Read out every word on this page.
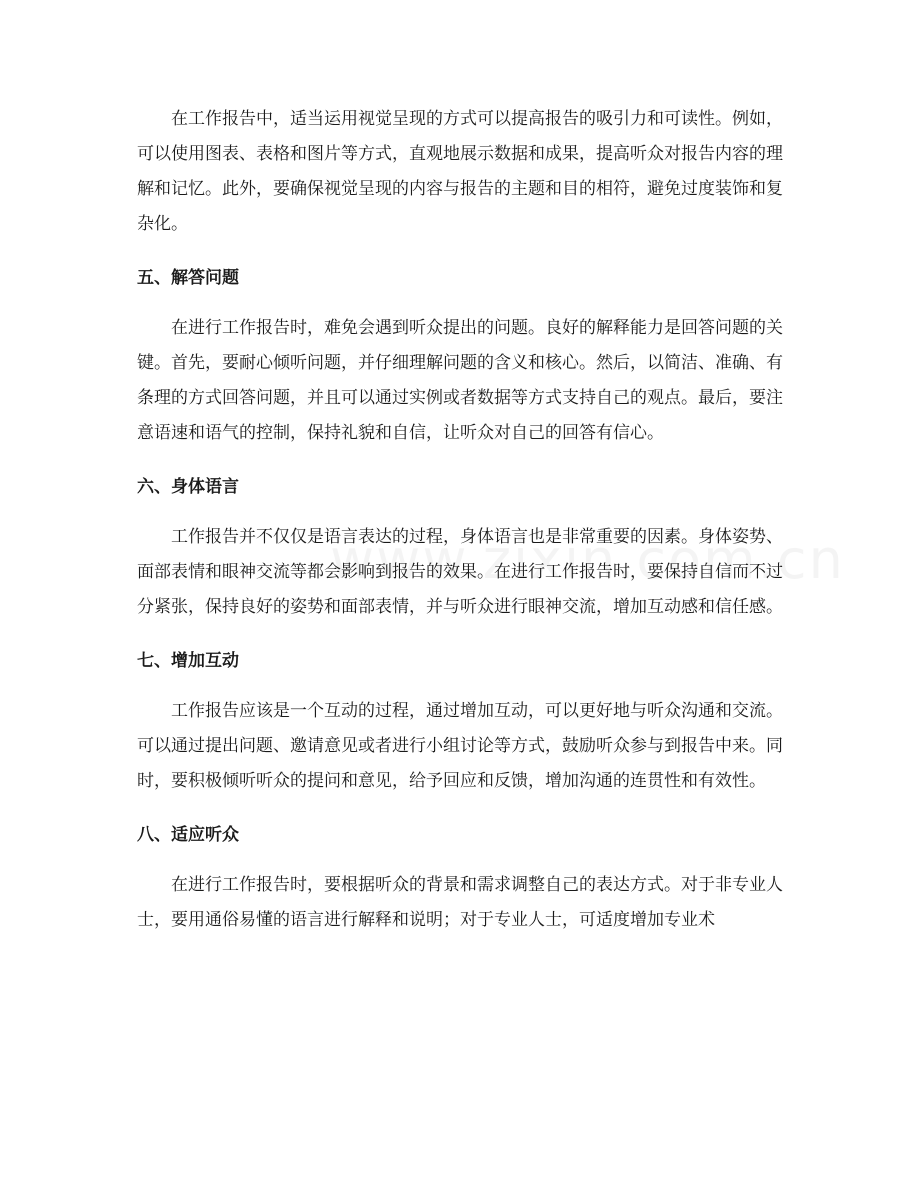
在工作报告中，适当运用视觉呈现的方式可以提高报告的吸引力和可读性。例如，可以使用图表、表格和图片等方式，直观地展示数据和成果，提高听众对报告内容的理解和记忆。此外，要确保视觉呈现的内容与报告的主题和目的相符，避免过度装饰和复杂化。

五、解答问题

在进行工作报告时，难免会遇到听众提出的问题。良好的解释能力是回答问题的关键。首先，要耐心倾听问题，并仔细理解问题的含义和核心。然后，以简洁、准确、有条理的方式回答问题，并且可以通过实例或者数据等方式支持自己的观点。最后，要注意语速和语气的控制，保持礼貌和自信，让听众对自己的回答有信心。

六、身体语言

工作报告并不仅仅是语言表达的过程，身体语言也是非常重要的因素。身体姿势、面部表情和眼神交流等都会影响到报告的效果。在进行工作报告时，要保持自信而不过分紧张，保持良好的姿势和面部表情，并与听众进行眼神交流，增加互动感和信任感。

七、增加互动

工作报告应该是一个互动的过程，通过增加互动，可以更好地与听众沟通和交流。可以通过提出问题、邀请意见或者进行小组讨论等方式，鼓励听众参与到报告中来。同时，要积极倾听听众的提问和意见，给予回应和反馈，增加沟通的连贯性和有效性。

八、适应听众

在进行工作报告时，要根据听众的背景和需求调整自己的表达方式。对于非专业人士，要用通俗易懂的语言进行解释和说明；对于专业人士，可适度增加专业术
